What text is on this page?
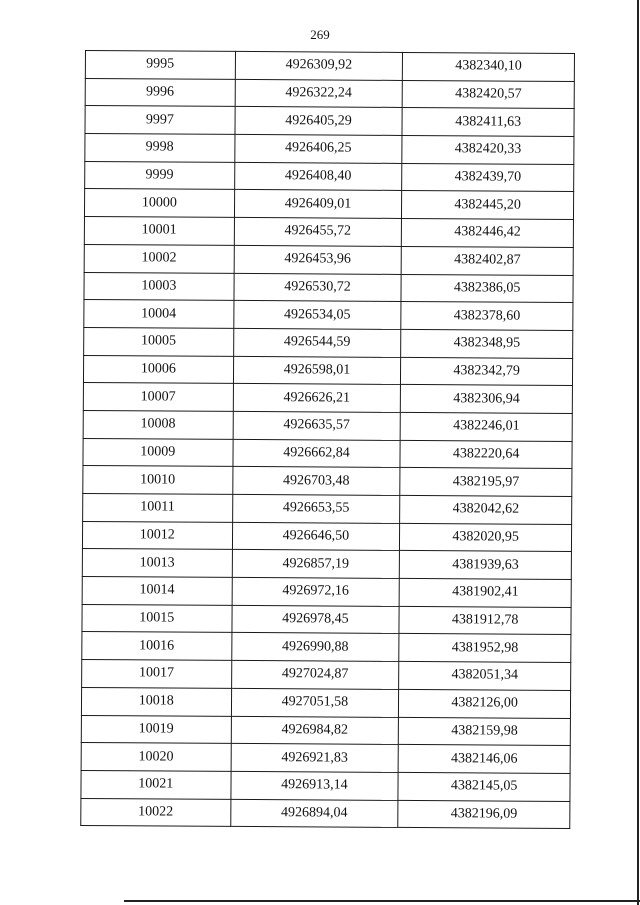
269
9995	4926309,92	4382340,10
9996	4926322,24	4382420,57
9997	4926405,29	4382411,63
9998	4926406,25	4382420,33
9999	4926408,40	4382439,70
10000	4926409,01	4382445,20
10001	4926455,72	4382446,42
10002	4926453,96	4382402,87
10003	4926530,72	4382386,05
10004	4926534,05	4382378,60
10005	4926544,59	4382348,95
10006	4926598,01	4382342,79
10007	4926626,21	4382306,94
10008	4926635,57	4382246,01
10009	4926662,84	4382220,64
10010	4926703,48	4382195,97
10011	4926653,55	4382042,62
10012	4926646,50	4382020,95
10013	4926857,19	4381939,63
10014	4926972,16	4381902,41
10015	4926978,45	4381912,78
10016	4926990,88	4381952,98
10017	4927024,87	4382051,34
10018	4927051,58	4382126,00
10019	4926984,82	4382159,98
10020	4926921,83	4382146,06
10021	4926913,14	4382145,05
10022	4926894,04	4382196,09
